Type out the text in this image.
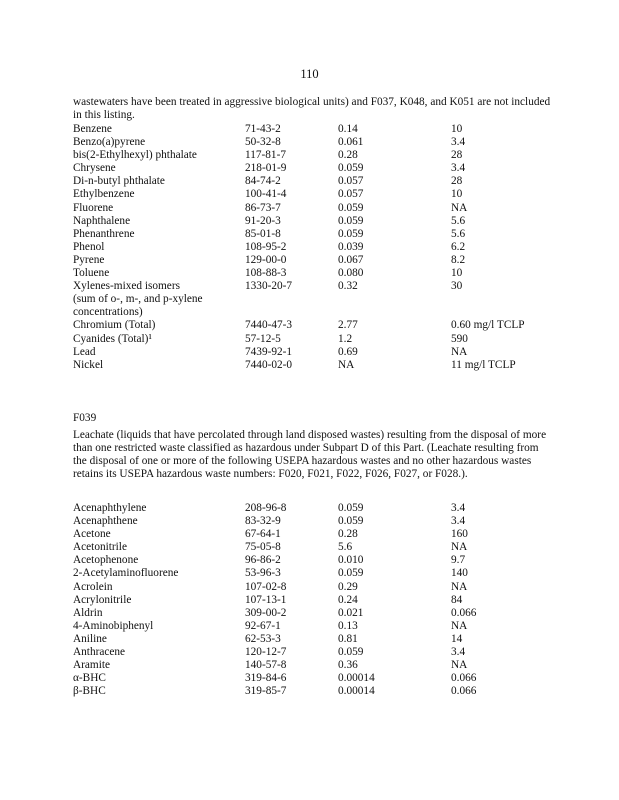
110

wastewaters have been treated in aggressive biological units) and F037, K048, and K051 are not included in this listing.

Benzene	71-43-2	0.14	10
Benzo(a)pyrene	50-32-8	0.061	3.4
bis(2-Ethylhexyl) phthalate	117-81-7	0.28	28
Chrysene	218-01-9	0.059	3.4
Di-n-butyl phthalate	84-74-2	0.057	28
Ethylbenzene	100-41-4	0.057	10
Fluorene	86-73-7	0.059	NA
Naphthalene	91-20-3	0.059	5.6
Phenanthrene	85-01-8	0.059	5.6
Phenol	108-95-2	0.039	6.2
Pyrene	129-00-0	0.067	8.2
Toluene	108-88-3	0.080	10
Xylenes-mixed isomers	1330-20-7	0.32	30
(sum of o-, m-, and p-xylene
concentrations)
Chromium (Total)	7440-47-3	2.77	0.60 mg/l TCLP
Cyanides (Total)¹	57-12-5	1.2	590
Lead	7439-92-1	0.69	NA
Nickel	7440-02-0	NA	11 mg/l TCLP

F039

Leachate (liquids that have percolated through land disposed wastes) resulting from the disposal of more than one restricted waste classified as hazardous under Subpart D of this Part. (Leachate resulting from the disposal of one or more of the following USEPA hazardous wastes and no other hazardous wastes retains its USEPA hazardous waste numbers: F020, F021, F022, F026, F027, or F028.).

Acenaphthylene	208-96-8	0.059	3.4
Acenaphthene	83-32-9	0.059	3.4
Acetone	67-64-1	0.28	160
Acetonitrile	75-05-8	5.6	NA
Acetophenone	96-86-2	0.010	9.7
2-Acetylaminofluorene	53-96-3	0.059	140
Acrolein	107-02-8	0.29	NA
Acrylonitrile	107-13-1	0.24	84
Aldrin	309-00-2	0.021	0.066
4-Aminobiphenyl	92-67-1	0.13	NA
Aniline	62-53-3	0.81	14
Anthracene	120-12-7	0.059	3.4
Aramite	140-57-8	0.36	NA
α-BHC	319-84-6	0.00014	0.066
β-BHC	319-85-7	0.00014	0.066
